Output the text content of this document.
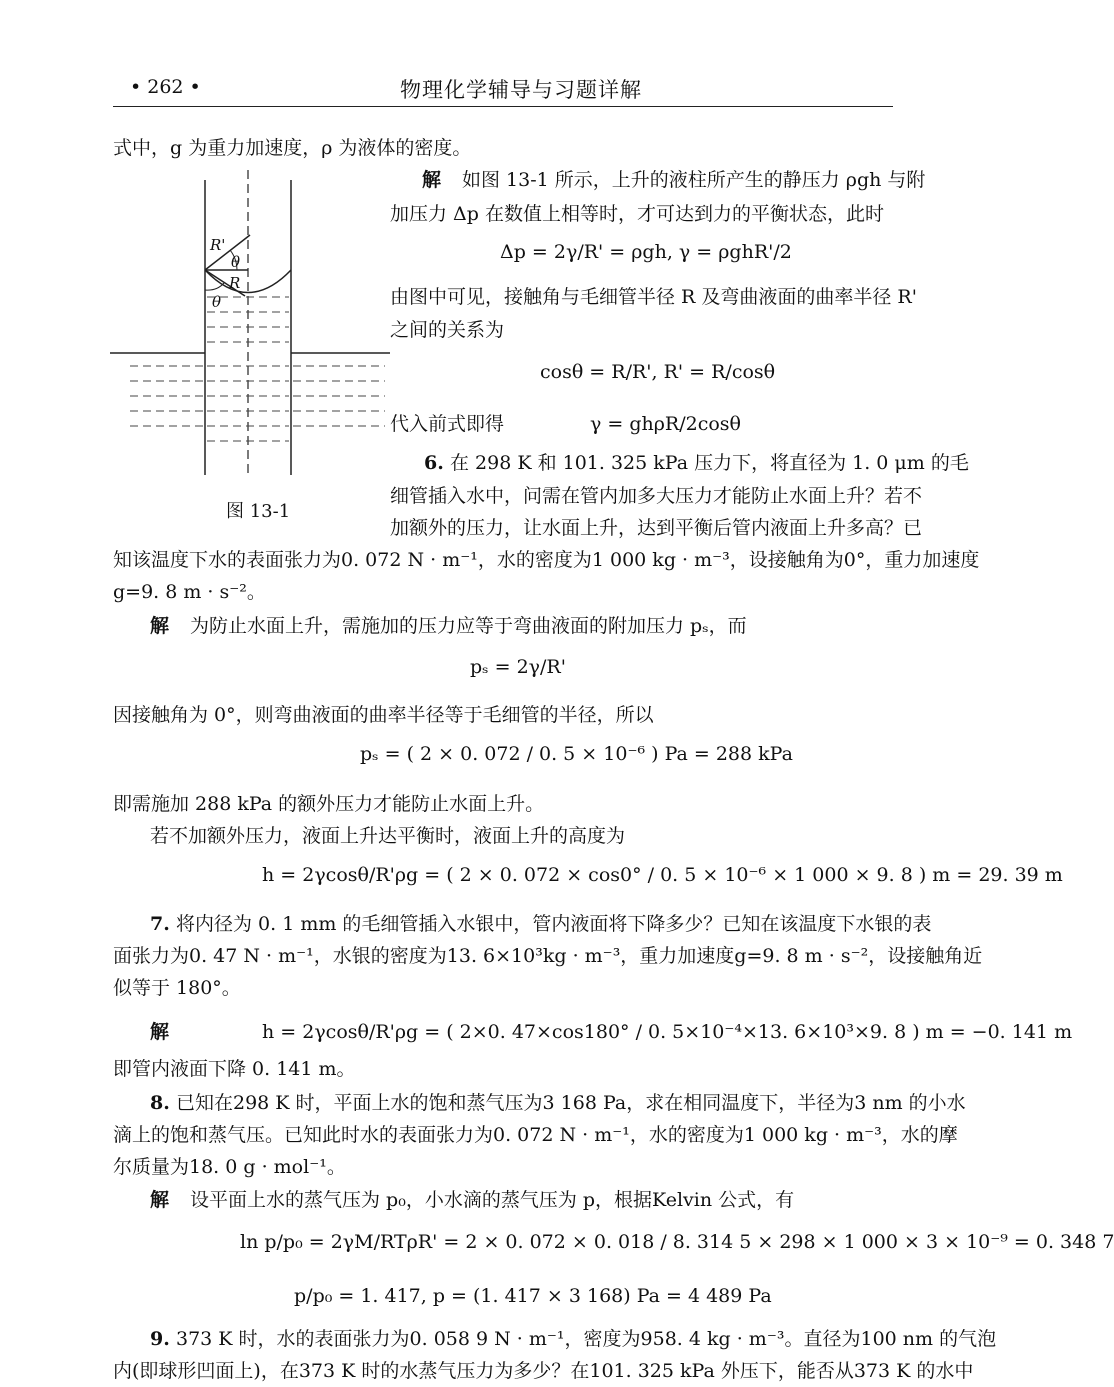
• 262 •	物理化学辅导与习题详解
式中，g 为重力加速度，ρ 为液体的密度。
R'
θ
R
θ
图 13-1
解 如图 13-1 所示，上升的液柱所产生的静压力 ρgh 与附
加压力 Δp 在数值上相等时，才可达到力的平衡状态，此时
Δp = 2γ/R' = ρgh, γ = ρghR'/2
由图中可见，接触角与毛细管半径 R 及弯曲液面的曲率半径 R'
之间的关系为
cosθ = R/R', R' = R/cosθ
代入前式即得	γ = ghρR/2cosθ
6. 在 298 K 和 101. 325 kPa 压力下，将直径为 1. 0 μm 的毛
细管插入水中，问需在管内加多大压力才能防止水面上升？若不
加额外的压力，让水面上升，达到平衡后管内液面上升多高？已
知该温度下水的表面张力为0. 072 N · m⁻¹，水的密度为1 000 kg · m⁻³，设接触角为0°，重力加速度
g=9. 8 m · s⁻²。
解 为防止水面上升，需施加的压力应等于弯曲液面的附加压力 pₛ，而
pₛ = 2γ/R'
因接触角为 0°，则弯曲液面的曲率半径等于毛细管的半径，所以
pₛ = ( 2 × 0. 072 / 0. 5 × 10⁻⁶ ) Pa = 288 kPa
即需施加 288 kPa 的额外压力才能防止水面上升。
若不加额外压力，液面上升达平衡时，液面上升的高度为
h = 2γcosθ/R'ρg = ( 2 × 0. 072 × cos0° / 0. 5 × 10⁻⁶ × 1 000 × 9. 8 ) m = 29. 39 m
7. 将内径为 0. 1 mm 的毛细管插入水银中，管内液面将下降多少？已知在该温度下水银的表
面张力为0. 47 N · m⁻¹，水银的密度为13. 6×10³kg · m⁻³，重力加速度g=9. 8 m · s⁻²，设接触角近
似等于 180°。
解	h = 2γcosθ/R'ρg = ( 2×0. 47×cos180° / 0. 5×10⁻⁴×13. 6×10³×9. 8 ) m = −0. 141 m
即管内液面下降 0. 141 m。
8. 已知在298 K 时，平面上水的饱和蒸气压为3 168 Pa，求在相同温度下，半径为3 nm 的小水
滴上的饱和蒸气压。已知此时水的表面张力为0. 072 N · m⁻¹，水的密度为1 000 kg · m⁻³，水的摩
尔质量为18. 0 g · mol⁻¹。
解 设平面上水的蒸气压为 p₀，小水滴的蒸气压为 p，根据Kelvin 公式，有
ln p/p₀ = 2γM/RTρR' = 2 × 0. 072 × 0. 018 / 8. 314 5 × 298 × 1 000 × 3 × 10⁻⁹ = 0. 348 7
p/p₀ = 1. 417, p = (1. 417 × 3 168) Pa = 4 489 Pa
9. 373 K 时，水的表面张力为0. 058 9 N · m⁻¹，密度为958. 4 kg · m⁻³。直径为100 nm 的气泡
内(即球形凹面上)，在373 K 时的水蒸气压力为多少？在101. 325 kPa 外压下，能否从373 K 的水中
